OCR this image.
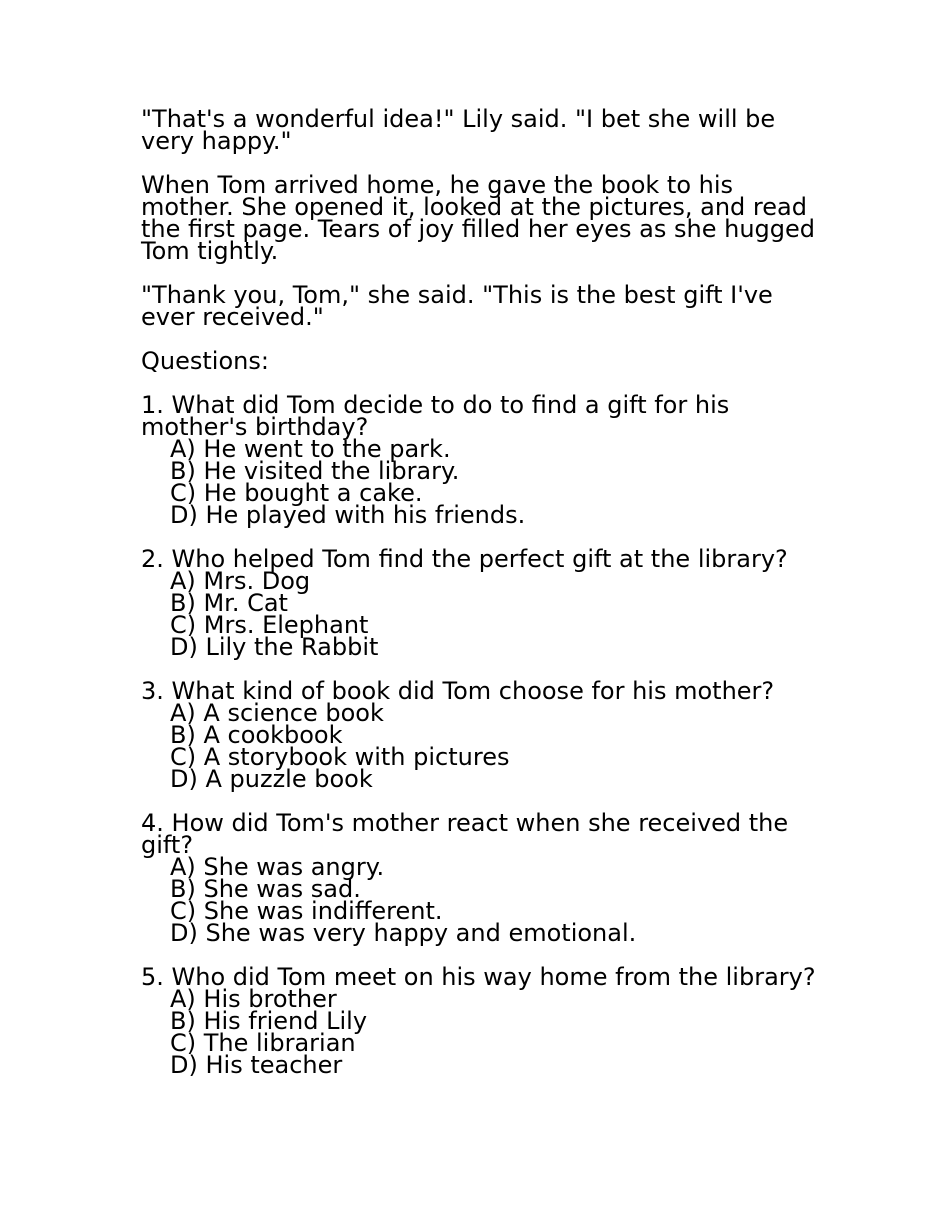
"That's a wonderful idea!" Lily said. "I bet she will be very happy."

When Tom arrived home, he gave the book to his mother. She opened it, looked at the pictures, and read the first page. Tears of joy filled her eyes as she hugged Tom tightly.

"Thank you, Tom," she said. "This is the best gift I've ever received."

Questions:

1. What did Tom decide to do to find a gift for his mother's birthday?

A) He went to the park.
B) He visited the library.
C) He bought a cake.
D) He played with his friends.

2. Who helped Tom find the perfect gift at the library?

A) Mrs. Dog
B) Mr. Cat
C) Mrs. Elephant
D) Lily the Rabbit

3. What kind of book did Tom choose for his mother?

A) A science book
B) A cookbook
C) A storybook with pictures
D) A puzzle book

4. How did Tom's mother react when she received the gift?

A) She was angry.
B) She was sad.
C) She was indifferent.
D) She was very happy and emotional.

5. Who did Tom meet on his way home from the library?

A) His brother
B) His friend Lily
C) The librarian
D) His teacher
